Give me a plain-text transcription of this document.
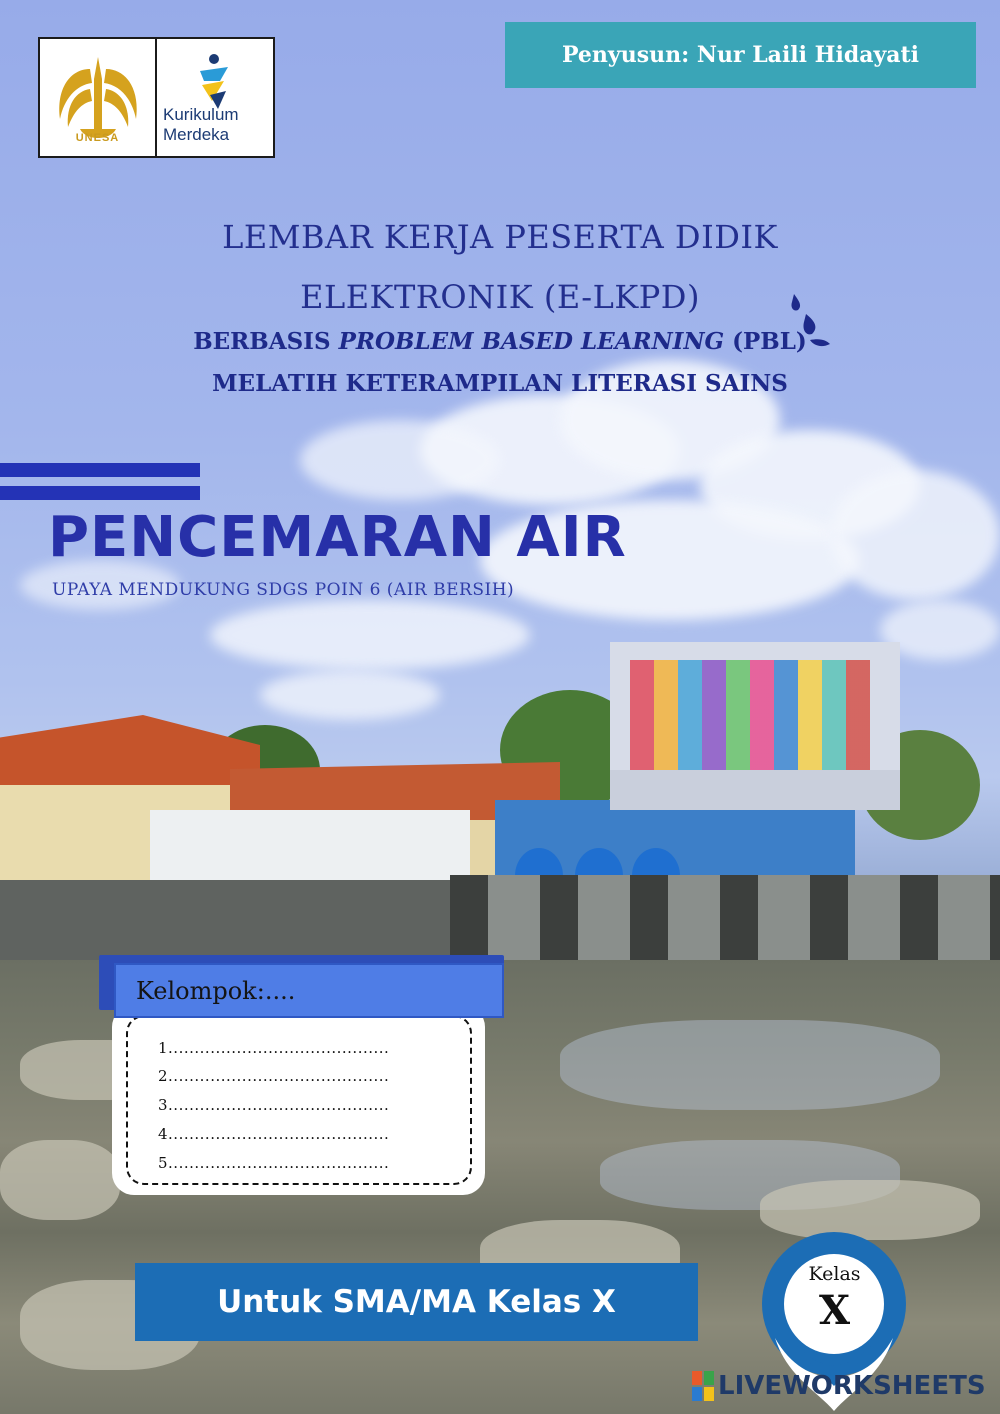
UNESA
Kurikulum
Merdeka
Penyusun: Nur Laili Hidayati
LEMBAR KERJA PESERTA DIDIK
ELEKTRONIK (E-LKPD)
BERBASIS PROBLEM BASED LEARNING (PBL)
MELATIH KETERAMPILAN LITERASI SAINS
PENCEMARAN AIR
UPAYA MENDUKUNG SDGS POIN 6 (AIR BERSIH)
Kelompok:....
1..........................................
2..........................................
3..........................................
4..........................................
5..........................................
Untuk SMA/MA Kelas X
Kelas
X
LIVEWORKSHEETS
